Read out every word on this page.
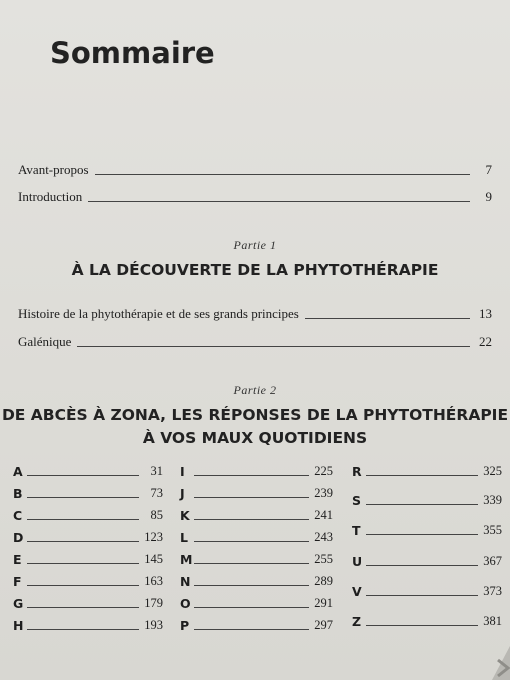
Sommaire
Avant-propos	7
Introduction	9
Partie 1
À LA DÉCOUVERTE DE LA PHYTOTHÉRAPIE
Histoire de la phytothérapie et de ses grands principes	13
Galénique	22
Partie 2
DE ABCÈS À ZONA, LES RÉPONSES DE LA PHYTOTHÉRAPIE
À VOS MAUX QUOTIDIENS
A	31
B	73
C	85
D	123
E	145
F	163
G	179
H	193
I	225
J	239
K	241
L	243
M	255
N	289
O	291
P	297
R	325
S	339
T	355
U	367
V	373
Z	381
